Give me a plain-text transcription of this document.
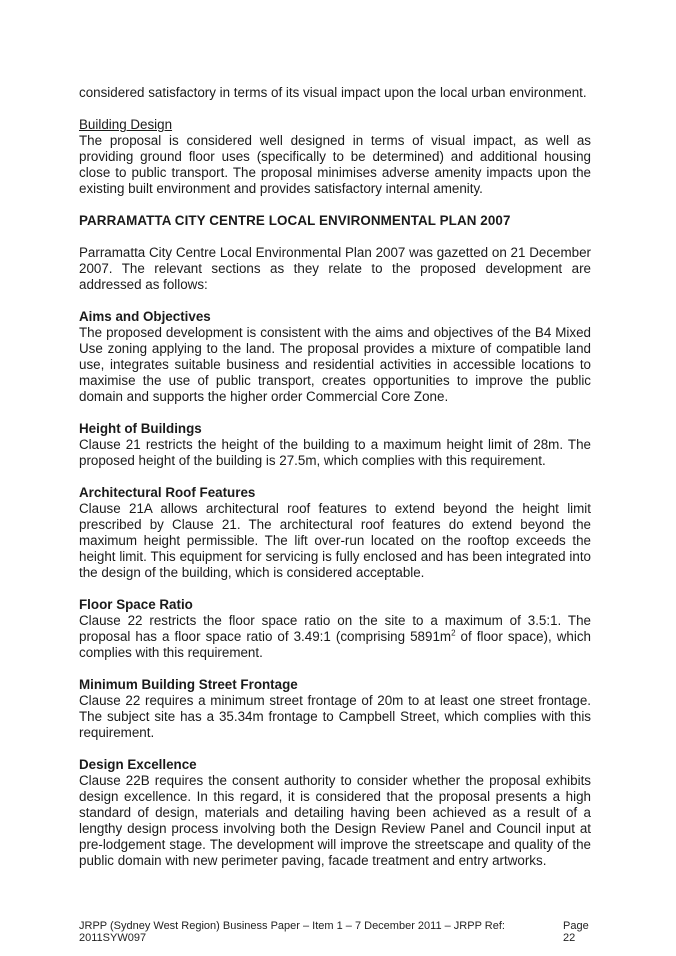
considered satisfactory in terms of its visual impact upon the local urban environment.

Building Design

The proposal is considered well designed in terms of visual impact, as well as providing ground floor uses (specifically to be determined) and additional housing close to public transport. The proposal minimises adverse amenity impacts upon the existing built environment and provides satisfactory internal amenity.

PARRAMATTA CITY CENTRE LOCAL ENVIRONMENTAL PLAN 2007

Parramatta City Centre Local Environmental Plan 2007 was gazetted on 21 December 2007. The relevant sections as they relate to the proposed development are addressed as follows:

Aims and Objectives

The proposed development is consistent with the aims and objectives of the B4 Mixed Use zoning applying to the land. The proposal provides a mixture of compatible land use, integrates suitable business and residential activities in accessible locations to maximise the use of public transport, creates opportunities to improve the public domain and supports the higher order Commercial Core Zone.

Height of Buildings

Clause 21 restricts the height of the building to a maximum height limit of 28m. The proposed height of the building is 27.5m, which complies with this requirement.

Architectural Roof Features

Clause 21A allows architectural roof features to extend beyond the height limit prescribed by Clause 21. The architectural roof features do extend beyond the maximum height permissible. The lift over-run located on the rooftop exceeds the height limit. This equipment for servicing is fully enclosed and has been integrated into the design of the building, which is considered acceptable.

Floor Space Ratio

Clause 22 restricts the floor space ratio on the site to a maximum of 3.5:1. The proposal has a floor space ratio of 3.49:1 (comprising $5891m^2$ of floor space), which complies with this requirement.

Minimum Building Street Frontage

Clause 22 requires a minimum street frontage of 20m to at least one street frontage. The subject site has a 35.34m frontage to Campbell Street, which complies with this requirement.

Design Excellence

Clause 22B requires the consent authority to consider whether the proposal exhibits design excellence. In this regard, it is considered that the proposal presents a high standard of design, materials and detailing having been achieved as a result of a lengthy design process involving both the Design Review Panel and Council input at pre-lodgement stage. The development will improve the streetscape and quality of the public domain with new perimeter paving, facade treatment and entry artworks.

JRPP (Sydney West Region) Business Paper – Item 1 – 7 December 2011 – JRPP Ref: 2011SYW097
Page 22
